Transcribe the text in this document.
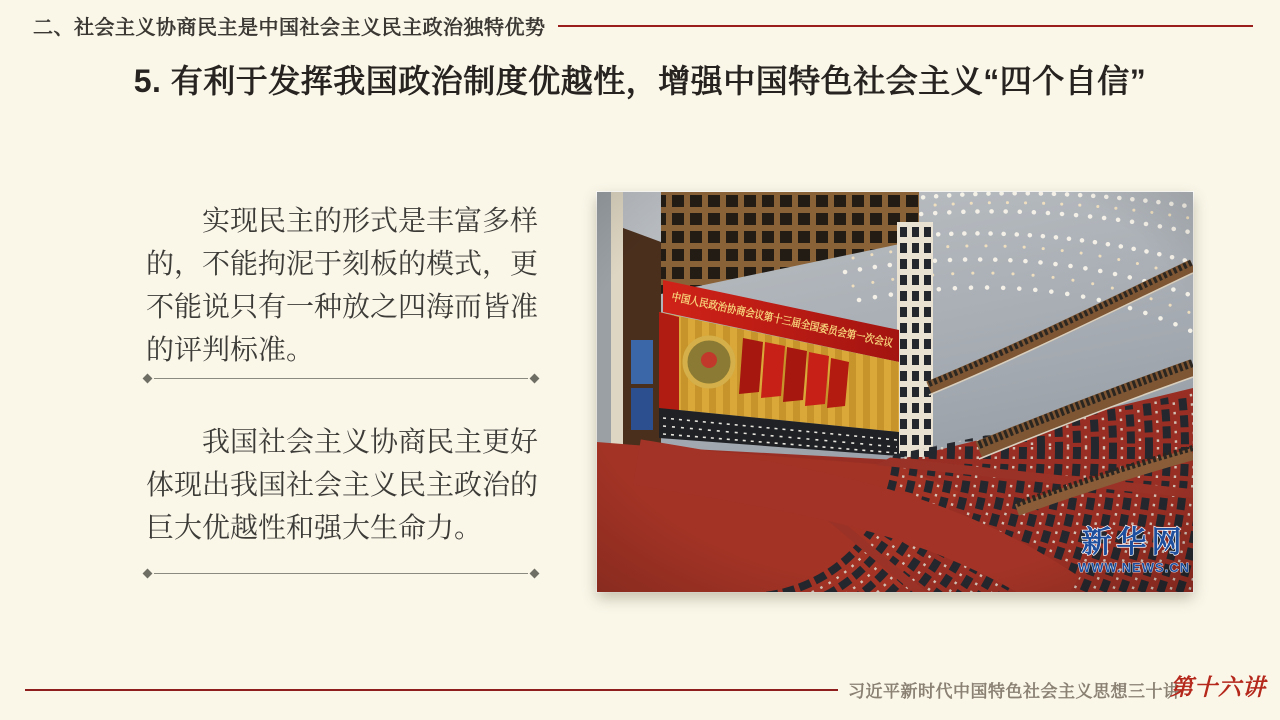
二、社会主义协商民主是中国社会主义民主政治独特优势
5. 有利于发挥我国政治制度优越性，增强中国特色社会主义“四个自信”

实现民主的形式是丰富多样的，不能拘泥于刻板的模式，更不能说只有一种放之四海而皆准的评判标准。

我国社会主义协商民主更好体现出我国社会主义民主政治的巨大优越性和强大生命力。	新华网
WWW.NEWS.CN
习近平新时代中国特色社会主义思想三十讲
第十六讲
